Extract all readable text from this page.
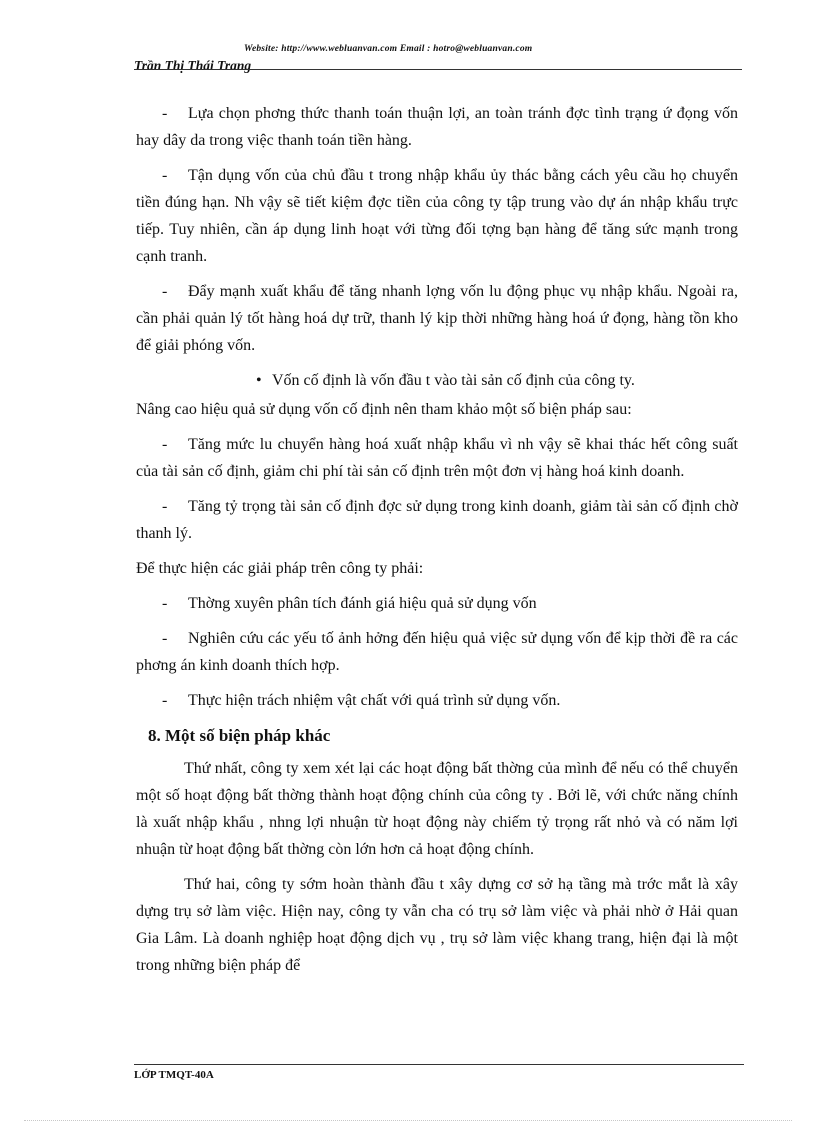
Website: http://www.webluanvan.com Email : hotro@webluanvan.com
Trần Thị Thái Trang

- Lựa chọn phơng thức thanh toán thuận lợi, an toàn tránh đợc tình trạng ứ đọng vốn hay dây da trong việc thanh toán tiền hàng.

- Tận dụng vốn của chủ đầu t trong nhập khẩu ủy thác bằng cách yêu cầu họ chuyển tiền đúng hạn. Nh vậy sẽ tiết kiệm đợc tiền của công ty tập trung vào dự án nhập khẩu trực tiếp. Tuy nhiên, cần áp dụng linh hoạt với từng đối tợng bạn hàng để tăng sức mạnh trong cạnh tranh.

- Đẩy mạnh xuất khẩu để tăng nhanh lợng vốn lu động phục vụ nhập khẩu. Ngoài ra, cần phải quản lý tốt hàng hoá dự trữ, thanh lý kịp thời những hàng hoá ứ đọng, hàng tồn kho để giải phóng vốn.

• Vốn cố định là vốn đầu t vào tài sản cố định của công ty.

Nâng cao hiệu quả sử dụng vốn cố định nên tham khảo một số biện pháp sau:

- Tăng mức lu chuyển hàng hoá xuất nhập khẩu vì nh vậy sẽ khai thác hết công suất của tài sản cố định, giảm chi phí tài sản cố định trên một đơn vị hàng hoá kinh doanh.

- Tăng tỷ trọng tài sản cố định đợc sử dụng trong kinh doanh, giảm tài sản cố định chờ thanh lý.

Để thực hiện các giải pháp trên công ty phải:

- Thờng xuyên phân tích đánh giá hiệu quả sử dụng vốn

- Nghiên cứu các yếu tố ảnh hởng đến hiệu quả việc sử dụng vốn để kịp thời đề ra các phơng án kinh doanh thích hợp.

- Thực hiện trách nhiệm vật chất với quá trình sử dụng vốn.

8. Một số biện pháp khác

Thứ nhất, công ty xem xét lại các hoạt động bất thờng của mình để nếu có thể chuyển một số hoạt động bất thờng thành hoạt động chính của công ty . Bởi lẽ, với chức năng chính là xuất nhập khẩu , nhng lợi nhuận từ hoạt động này chiếm tỷ trọng rất nhỏ và có năm lợi nhuận từ hoạt động bất thờng còn lớn hơn cả hoạt động chính.

Thứ hai, công ty sớm hoàn thành đầu t xây dựng cơ sở hạ tầng mà trớc mắt là xây dựng trụ sở làm việc. Hiện nay, công ty vẫn cha có trụ sở làm việc và phải nhờ ở Hải quan Gia Lâm. Là doanh nghiệp hoạt động dịch vụ , trụ sở làm việc khang trang, hiện đại là một trong những biện pháp để

LỚP TMQT-40A
